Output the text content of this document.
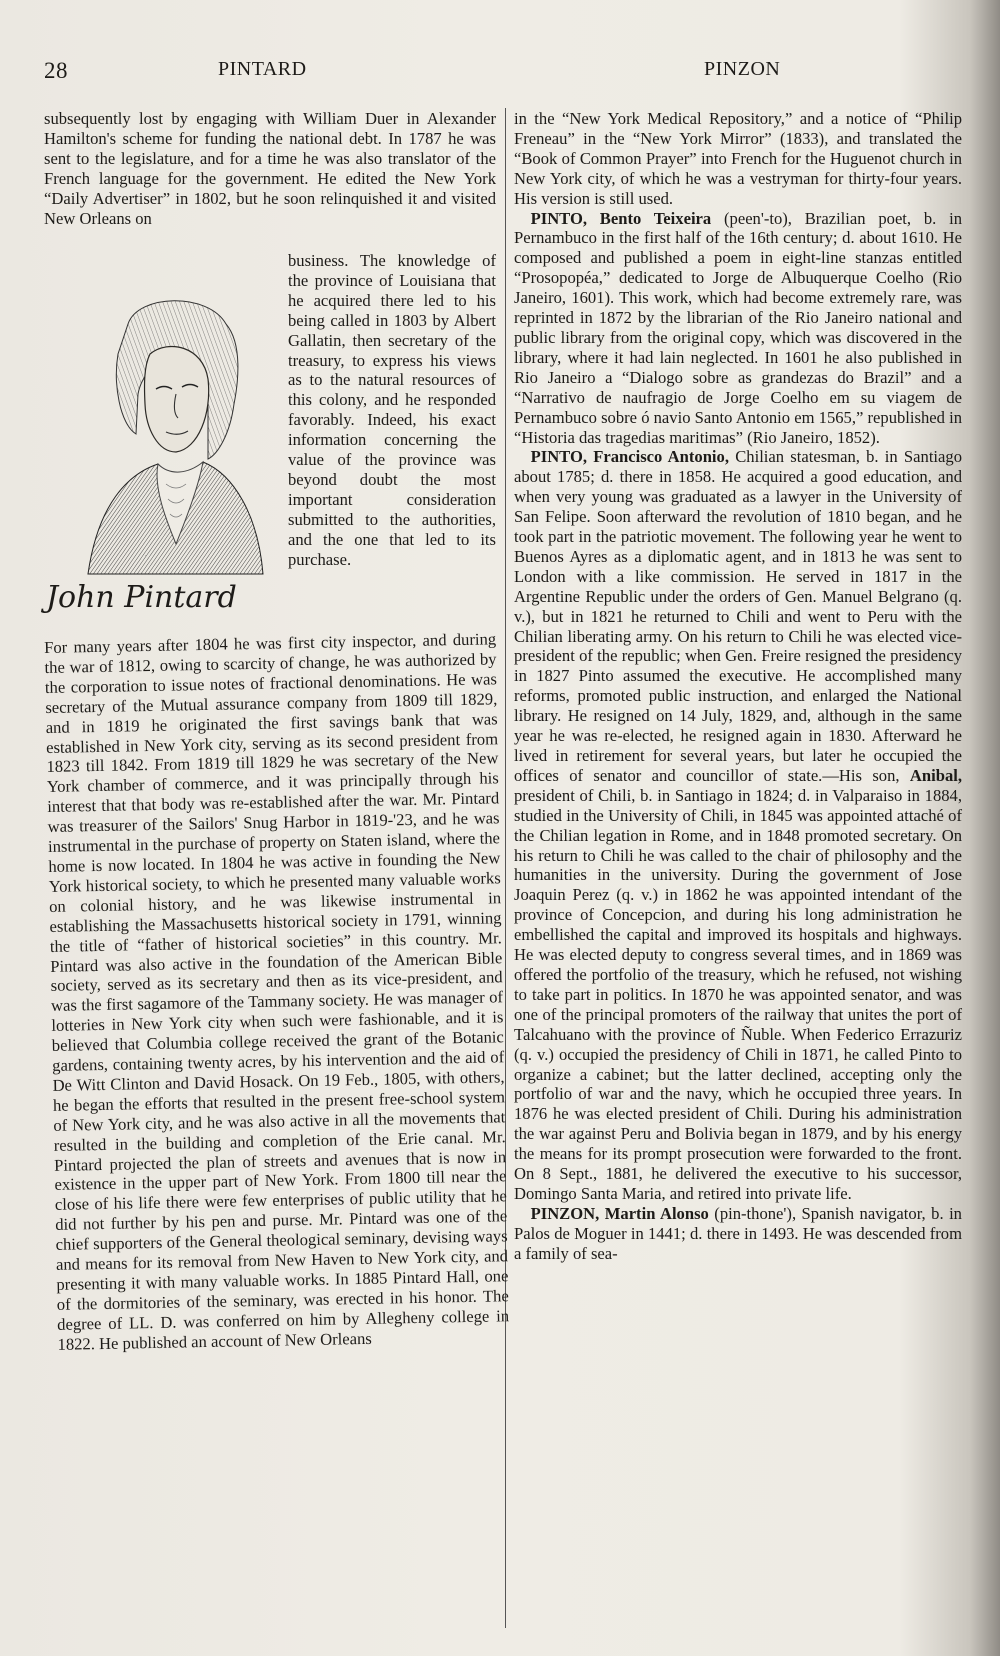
28	PINTARD	PINZON

subsequently lost by engaging with William Duer in Alexander Hamilton's scheme for funding the national debt. In 1787 he was sent to the legislature, and for a time he was also translator of the French language for the government. He edited the New York “Daily Advertiser” in 1802, but he soon relinquished it and visited New Orleans on

John Pintard

business. The knowledge of the province of Louisiana that he acquired there led to his being called in 1803 by Albert Gallatin, then secretary of the treasury, to express his views as to the natural resources of this colony, and he responded favorably. Indeed, his exact information concerning the value of the province was beyond doubt the most important consideration submitted to the authorities, and the one that led to its purchase.

For many years after 1804 he was first city inspector, and during the war of 1812, owing to scarcity of change, he was authorized by the corporation to issue notes of fractional denominations. He was secretary of the Mutual assurance company from 1809 till 1829, and in 1819 he originated the first savings bank that was established in New York city, serving as its second president from 1823 till 1842. From 1819 till 1829 he was secretary of the New York chamber of commerce, and it was principally through his interest that that body was re-established after the war. Mr. Pintard was treasurer of the Sailors' Snug Harbor in 1819-'23, and he was instrumental in the purchase of property on Staten island, where the home is now located. In 1804 he was active in founding the New York historical society, to which he presented many valuable works on colonial history, and he was likewise instrumental in establishing the Massachusetts historical society in 1791, winning the title of “father of historical societies” in this country. Mr. Pintard was also active in the foundation of the American Bible society, served as its secretary and then as its vice-president, and was the first sagamore of the Tammany society. He was manager of lotteries in New York city when such were fashionable, and it is believed that Columbia college received the grant of the Botanic gardens, containing twenty acres, by his intervention and the aid of De Witt Clinton and David Hosack. On 19 Feb., 1805, with others, he began the efforts that resulted in the present free-school system of New York city, and he was also active in all the movements that resulted in the building and completion of the Erie canal. Mr. Pintard projected the plan of streets and avenues that is now in existence in the upper part of New York. From 1800 till near the close of his life there were few enterprises of public utility that he did not further by his pen and purse. Mr. Pintard was one of the chief supporters of the General theological seminary, devising ways and means for its removal from New Haven to New York city, and presenting it with many valuable works. In 1885 Pintard Hall, one of the dormitories of the seminary, was erected in his honor. The degree of LL. D. was conferred on him by Allegheny college in 1822. He published an account of New Orleans

in the “New York Medical Repository,” and a notice of “Philip Freneau” in the “New York Mirror” (1833), and translated the “Book of Common Prayer” into French for the Huguenot church in New York city, of which he was a vestryman for thirty-four years. His version is still used.

 PINTO, Bento Teixeira (peen'-to), Brazilian poet, b. in Pernambuco in the first half of the 16th century; d. about 1610. He composed and published a poem in eight-line stanzas entitled “Prosopopéa,” dedicated to Jorge de Albuquerque Coelho (Rio Janeiro, 1601). This work, which had become extremely rare, was reprinted in 1872 by the librarian of the Rio Janeiro national and public library from the original copy, which was discovered in the library, where it had lain neglected. In 1601 he also published in Rio Janeiro a “Dialogo sobre as grandezas do Brazil” and a “Narrativo de naufragio de Jorge Coelho em su viagem de Pernambuco sobre ó navio Santo Antonio em 1565,” republished in “Historia das tragedias maritimas” (Rio Janeiro, 1852).

 PINTO, Francisco Antonio, Chilian statesman, b. in Santiago about 1785; d. there in 1858. He acquired a good education, and when very young was graduated as a lawyer in the University of San Felipe. Soon afterward the revolution of 1810 began, and he took part in the patriotic movement. The following year he went to Buenos Ayres as a diplomatic agent, and in 1813 he was sent to London with a like commission. He served in 1817 in the Argentine Republic under the orders of Gen. Manuel Belgrano (q. v.), but in 1821 he returned to Chili and went to Peru with the Chilian liberating army. On his return to Chili he was elected vice-president of the republic; when Gen. Freire resigned the presidency in 1827 Pinto assumed the executive. He accomplished many reforms, promoted public instruction, and enlarged the National library. He resigned on 14 July, 1829, and, although in the same year he was re-elected, he resigned again in 1830. Afterward he lived in retirement for several years, but later he occupied the offices of senator and councillor of state.—His son, Anibal, president of Chili, b. in Santiago in 1824; d. in Valparaiso in 1884, studied in the University of Chili, in 1845 was appointed attaché of the Chilian legation in Rome, and in 1848 promoted secretary. On his return to Chili he was called to the chair of philosophy and the humanities in the university. During the government of Jose Joaquin Perez (q. v.) in 1862 he was appointed intendant of the province of Concepcion, and during his long administration he embellished the capital and improved its hospitals and highways. He was elected deputy to congress several times, and in 1869 was offered the portfolio of the treasury, which he refused, not wishing to take part in politics. In 1870 he was appointed senator, and was one of the principal promoters of the railway that unites the port of Talcahuano with the province of Ñuble. When Federico Errazuriz (q. v.) occupied the presidency of Chili in 1871, he called Pinto to organize a cabinet; but the latter declined, accepting only the portfolio of war and the navy, which he occupied three years. In 1876 he was elected president of Chili. During his administration the war against Peru and Bolivia began in 1879, and by his energy the means for its prompt prosecution were forwarded to the front. On 8 Sept., 1881, he delivered the executive to his successor, Domingo Santa Maria, and retired into private life.

 PINZON, Martin Alonso (pin-thone'), Spanish navigator, b. in Palos de Moguer in 1441; d. there in 1493. He was descended from a family of sea-
